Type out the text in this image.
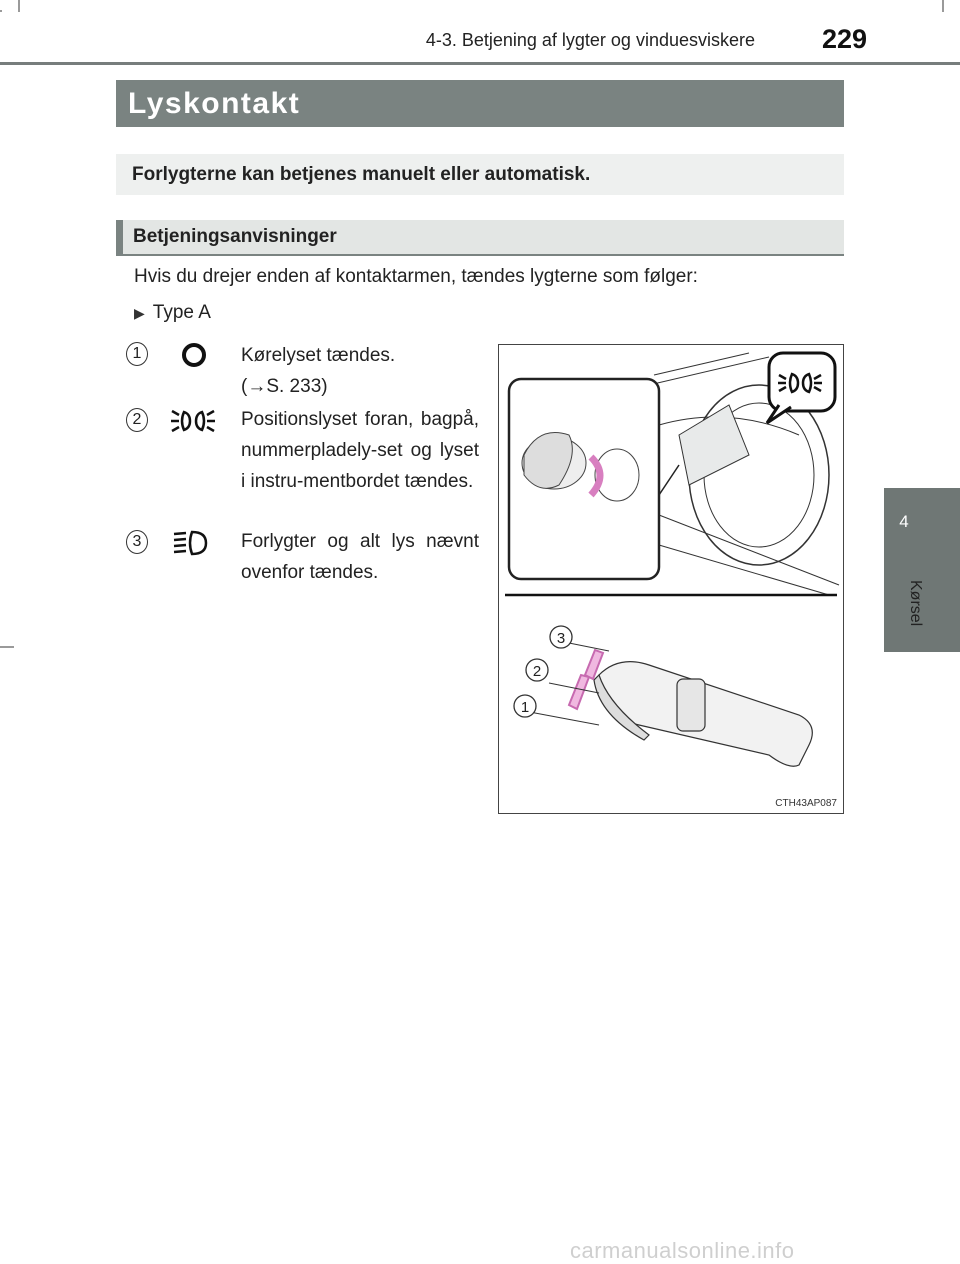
4-3. Betjening af lygter og vinduesviskere 229
4
Kørsel
Lyskontakt
Forlygterne kan betjenes manuelt eller automatisk.
Betjeningsanvisninger
Hvis du drejer enden af kontaktarmen, tændes lygterne som følger:
▶ Type A
1	Kørelyset tændes.
(→S. 233)
2	Positionslyset foran, bagpå, nummerpladely-set og lyset i instru-mentbordet tændes.
3	Forlygter og alt lys nævnt ovenfor tændes.
3
2
1
CTH43AP087
carmanualsonline.info
